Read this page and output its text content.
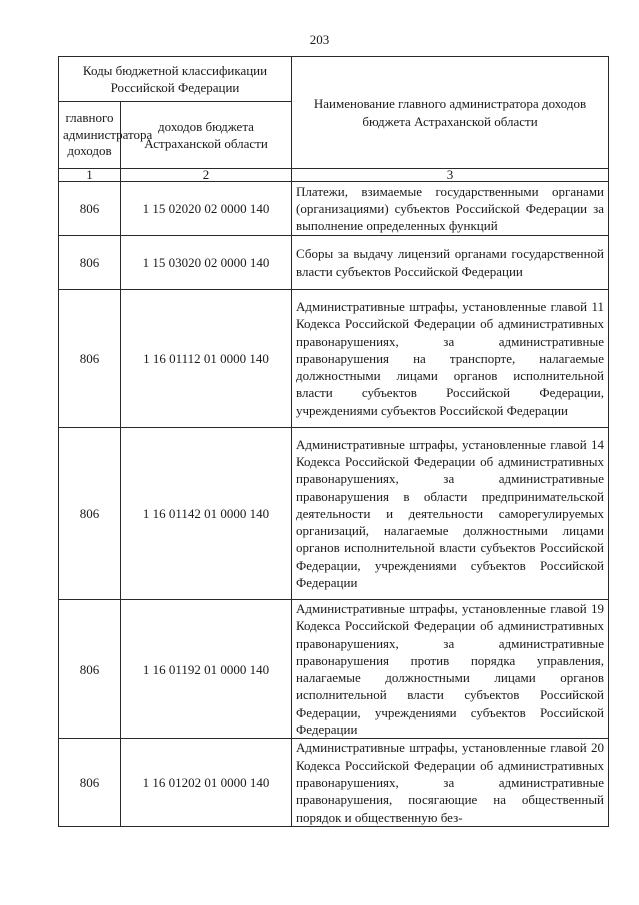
203
Коды бюджетной классификации Российской Федерации		Наименование главного администратора доходов бюджета Астраханской области
главного администратора доходов	доходов бюджета Астраханской области	
1	2	3
806	1 15 02020 02 0000 140	Платежи, взимаемые государственными органами (организациями) субъектов Российской Федерации за выполнение определенных функций
806	1 15 03020 02 0000 140	Сборы за выдачу лицензий органами государственной власти субъектов Российской Федерации
806	1 16 01112 01 0000 140	Административные штрафы, установленные главой 11 Кодекса Российской Федерации об административных правонарушениях, за административные правонарушения на транспорте, налагаемые должностными лицами органов исполнительной власти субъектов Российской Федерации, учреждениями субъектов Российской Федерации
806	1 16 01142 01 0000 140	Административные штрафы, установленные главой 14 Кодекса Российской Федерации об административных правонарушениях, за административные правонарушения в области предпринимательской деятельности и деятельности саморегулируемых организаций, налагаемые должностными лицами органов исполнительной власти субъектов Российской Федерации, учреждениями субъектов Российской Федерации
806	1 16 01192 01 0000 140	Административные штрафы, установленные главой 19 Кодекса Российской Федерации об административных правонарушениях, за административные правонарушения против порядка управления, налагаемые должностными лицами органов исполнительной власти субъектов Российской Федерации, учреждениями субъектов Российской Федерации
806	1 16 01202 01 0000 140	Административные штрафы, установленные главой 20 Кодекса Российской Федерации об административных правонарушениях, за административные правонарушения, посягающие на общественный порядок и общественную без-
